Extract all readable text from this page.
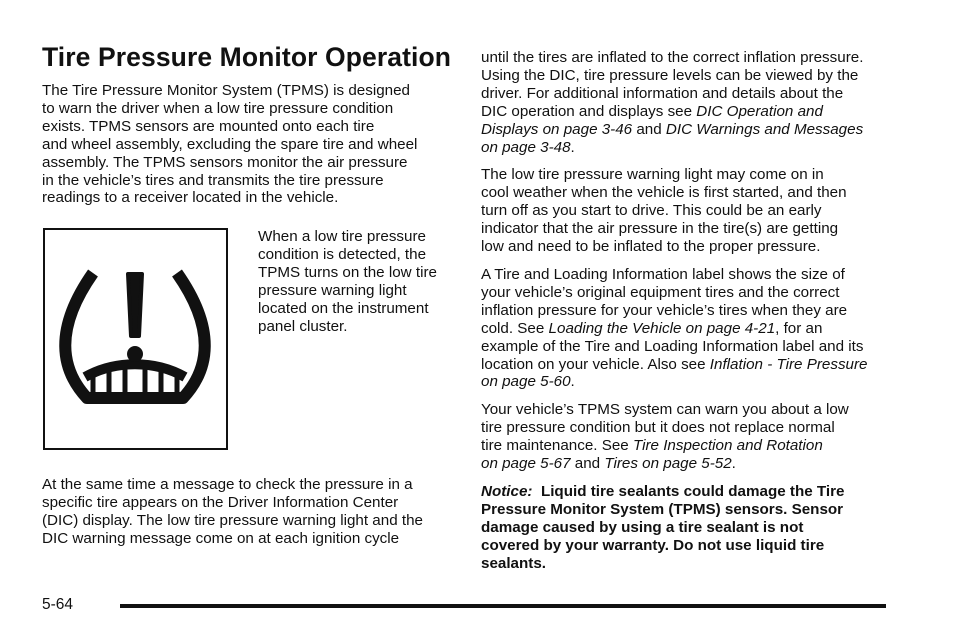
Tire Pressure Monitor Operation
The Tire Pressure Monitor System (TPMS) is designed
to warn the driver when a low tire pressure condition
exists. TPMS sensors are mounted onto each tire
and wheel assembly, excluding the spare tire and wheel
assembly. The TPMS sensors monitor the air pressure
in the vehicle’s tires and transmits the tire pressure
readings to a receiver located in the vehicle.
When a low tire pressure
condition is detected, the
TPMS turns on the low tire
pressure warning light
located on the instrument
panel cluster.
At the same time a message to check the pressure in a
specific tire appears on the Driver Information Center
(DIC) display. The low tire pressure warning light and the
DIC warning message come on at each ignition cycle

until the tires are inflated to the correct inflation pressure.
Using the DIC, tire pressure levels can be viewed by the
driver. For additional information and details about the
DIC operation and displays see DIC Operation and
Displays on page 3-46 and DIC Warnings and Messages
on page 3-48.

The low tire pressure warning light may come on in
cool weather when the vehicle is first started, and then
turn off as you start to drive. This could be an early
indicator that the air pressure in the tire(s) are getting
low and need to be inflated to the proper pressure.

A Tire and Loading Information label shows the size of
your vehicle’s original equipment tires and the correct
inflation pressure for your vehicle’s tires when they are
cold. See Loading the Vehicle on page 4-21, for an
example of the Tire and Loading Information label and its
location on your vehicle. Also see Inflation - Tire Pressure
on page 5-60.

Your vehicle’s TPMS system can warn you about a low
tire pressure condition but it does not replace normal
tire maintenance. See Tire Inspection and Rotation
on page 5-67 and Tires on page 5-52.

Notice: Liquid tire sealants could damage the Tire
Pressure Monitor System (TPMS) sensors. Sensor
damage caused by using a tire sealant is not
covered by your warranty. Do not use liquid tire
sealants.

5-64
